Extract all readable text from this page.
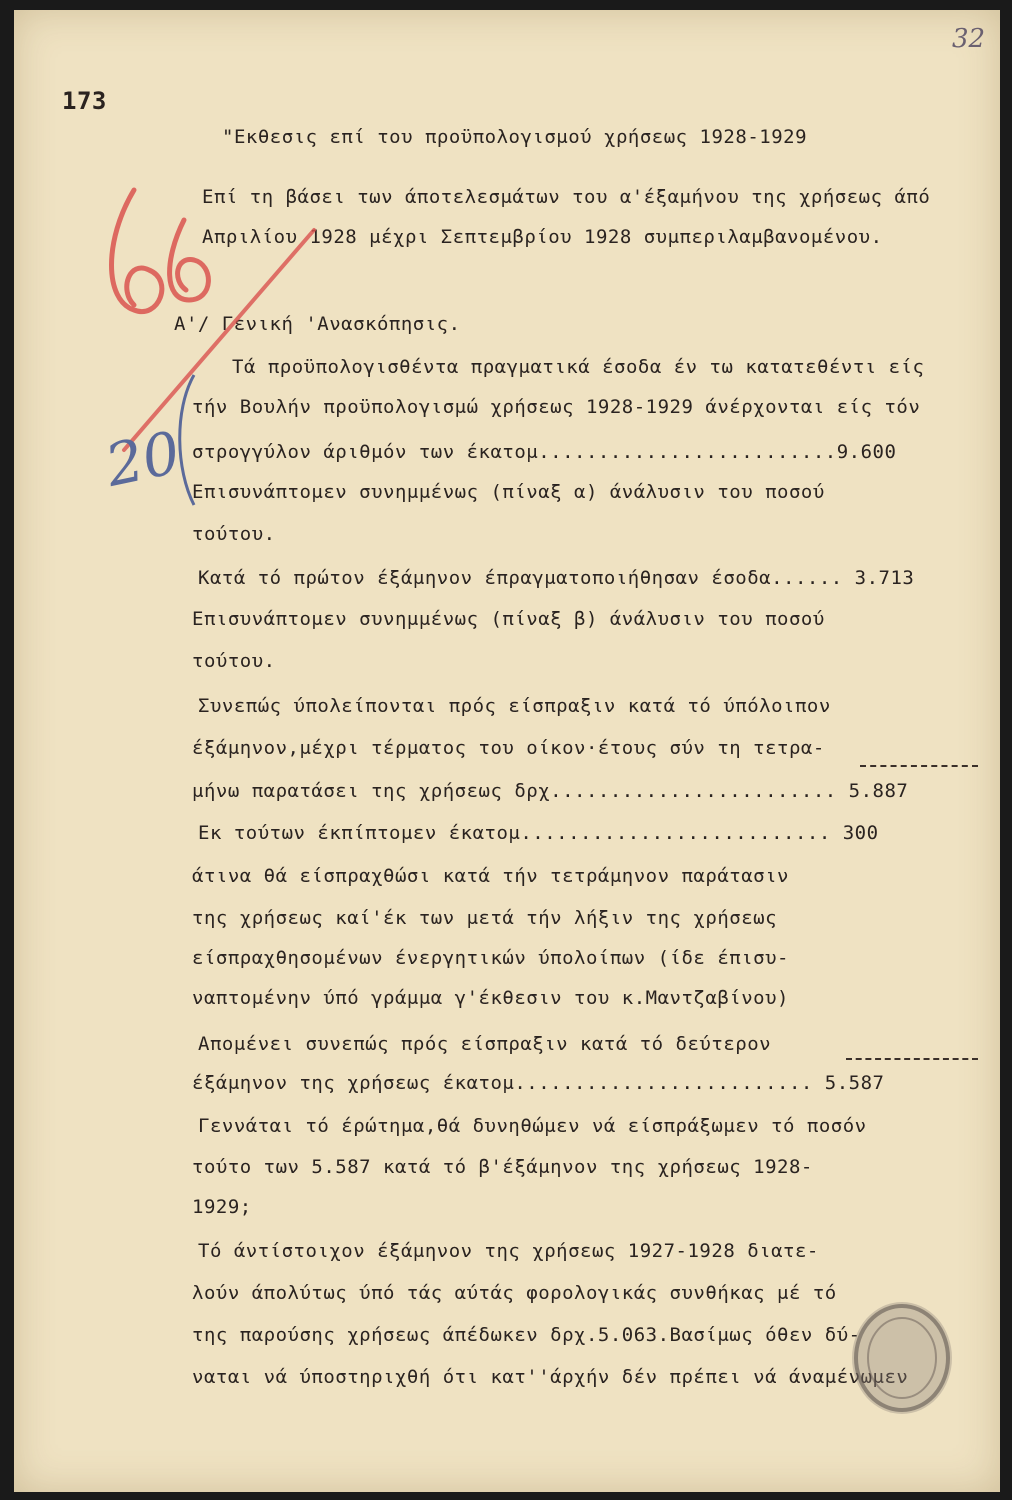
32
173
"Εκθεσις επί του προϋπολογισμού χρήσεως 1928-1929
Επί τη βάσει των άποτελεσμάτων του α'έξαμήνου της χρήσεως άπό
Απριλίου 1928 μέχρι Σεπτεμβρίου 1928 συμπεριλαμβανομένου.
Α'/ Γενική 'Ανασκόπησις.
20
Τά προϋπολογισθέντα πραγματικά έσοδα έν τω κατατεθέντι είς
τήν Βουλήν προϋπολογισμώ χρήσεως 1928-1929 άνέρχονται είς τόν
στρογγύλον άριθμόν των έκατομ.........................9.600
Επισυνάπτομεν συνημμένως (πίναξ α) άνάλυσιν του ποσού
τούτου.
Κατά τό πρώτον έξάμηνον έπραγματοποιήθησαν έσοδα...... 3.713
Επισυνάπτομεν συνημμένως (πίναξ β) άνάλυσιν του ποσού
τούτου.
Συνεπώς ύπολείπονται πρός είσπραξιν κατά τό ύπόλοιπον
έξάμηνον,μέχρι τέρματος του οίκον·έτους σύν τη τετρα-
μήνω παρατάσει της χρήσεως δρχ........................ 5.887
Εκ τούτων έκπίπτομεν έκατομ.......................... 300
άτινα θά είσπραχθώσι κατά τήν τετράμηνον παράτασιν
της χρήσεως καί'έκ των μετά τήν λήξιν της χρήσεως
είσπραχθησομένων ένεργητικών ύπολοίπων (ίδε έπισυ-
ναπτομένην ύπό γράμμα γ'έκθεσιν του κ.Μαντζαβίνου)
Απομένει συνεπώς πρός είσπραξιν κατά τό δεύτερον
έξάμηνον της χρήσεως έκατομ......................... 5.587
Γεννάται τό έρώτημα,θά δυνηθώμεν νά είσπράξωμεν τό ποσόν
τούτο των 5.587 κατά τό β'έξάμηνον της χρήσεως 1928-
1929;
Τό άντίστοιχον έξάμηνον της χρήσεως 1927-1928 διατε-
λούν άπολύτως ύπό τάς αύτάς φορολογικάς συνθήκας μέ τό
της παρούσης χρήσεως άπέδωκεν δρχ.5.063.Βασίμως όθεν δύ-
ναται νά ύποστηριχθή ότι κατ''άρχήν δέν πρέπει νά άναμένωμεν
